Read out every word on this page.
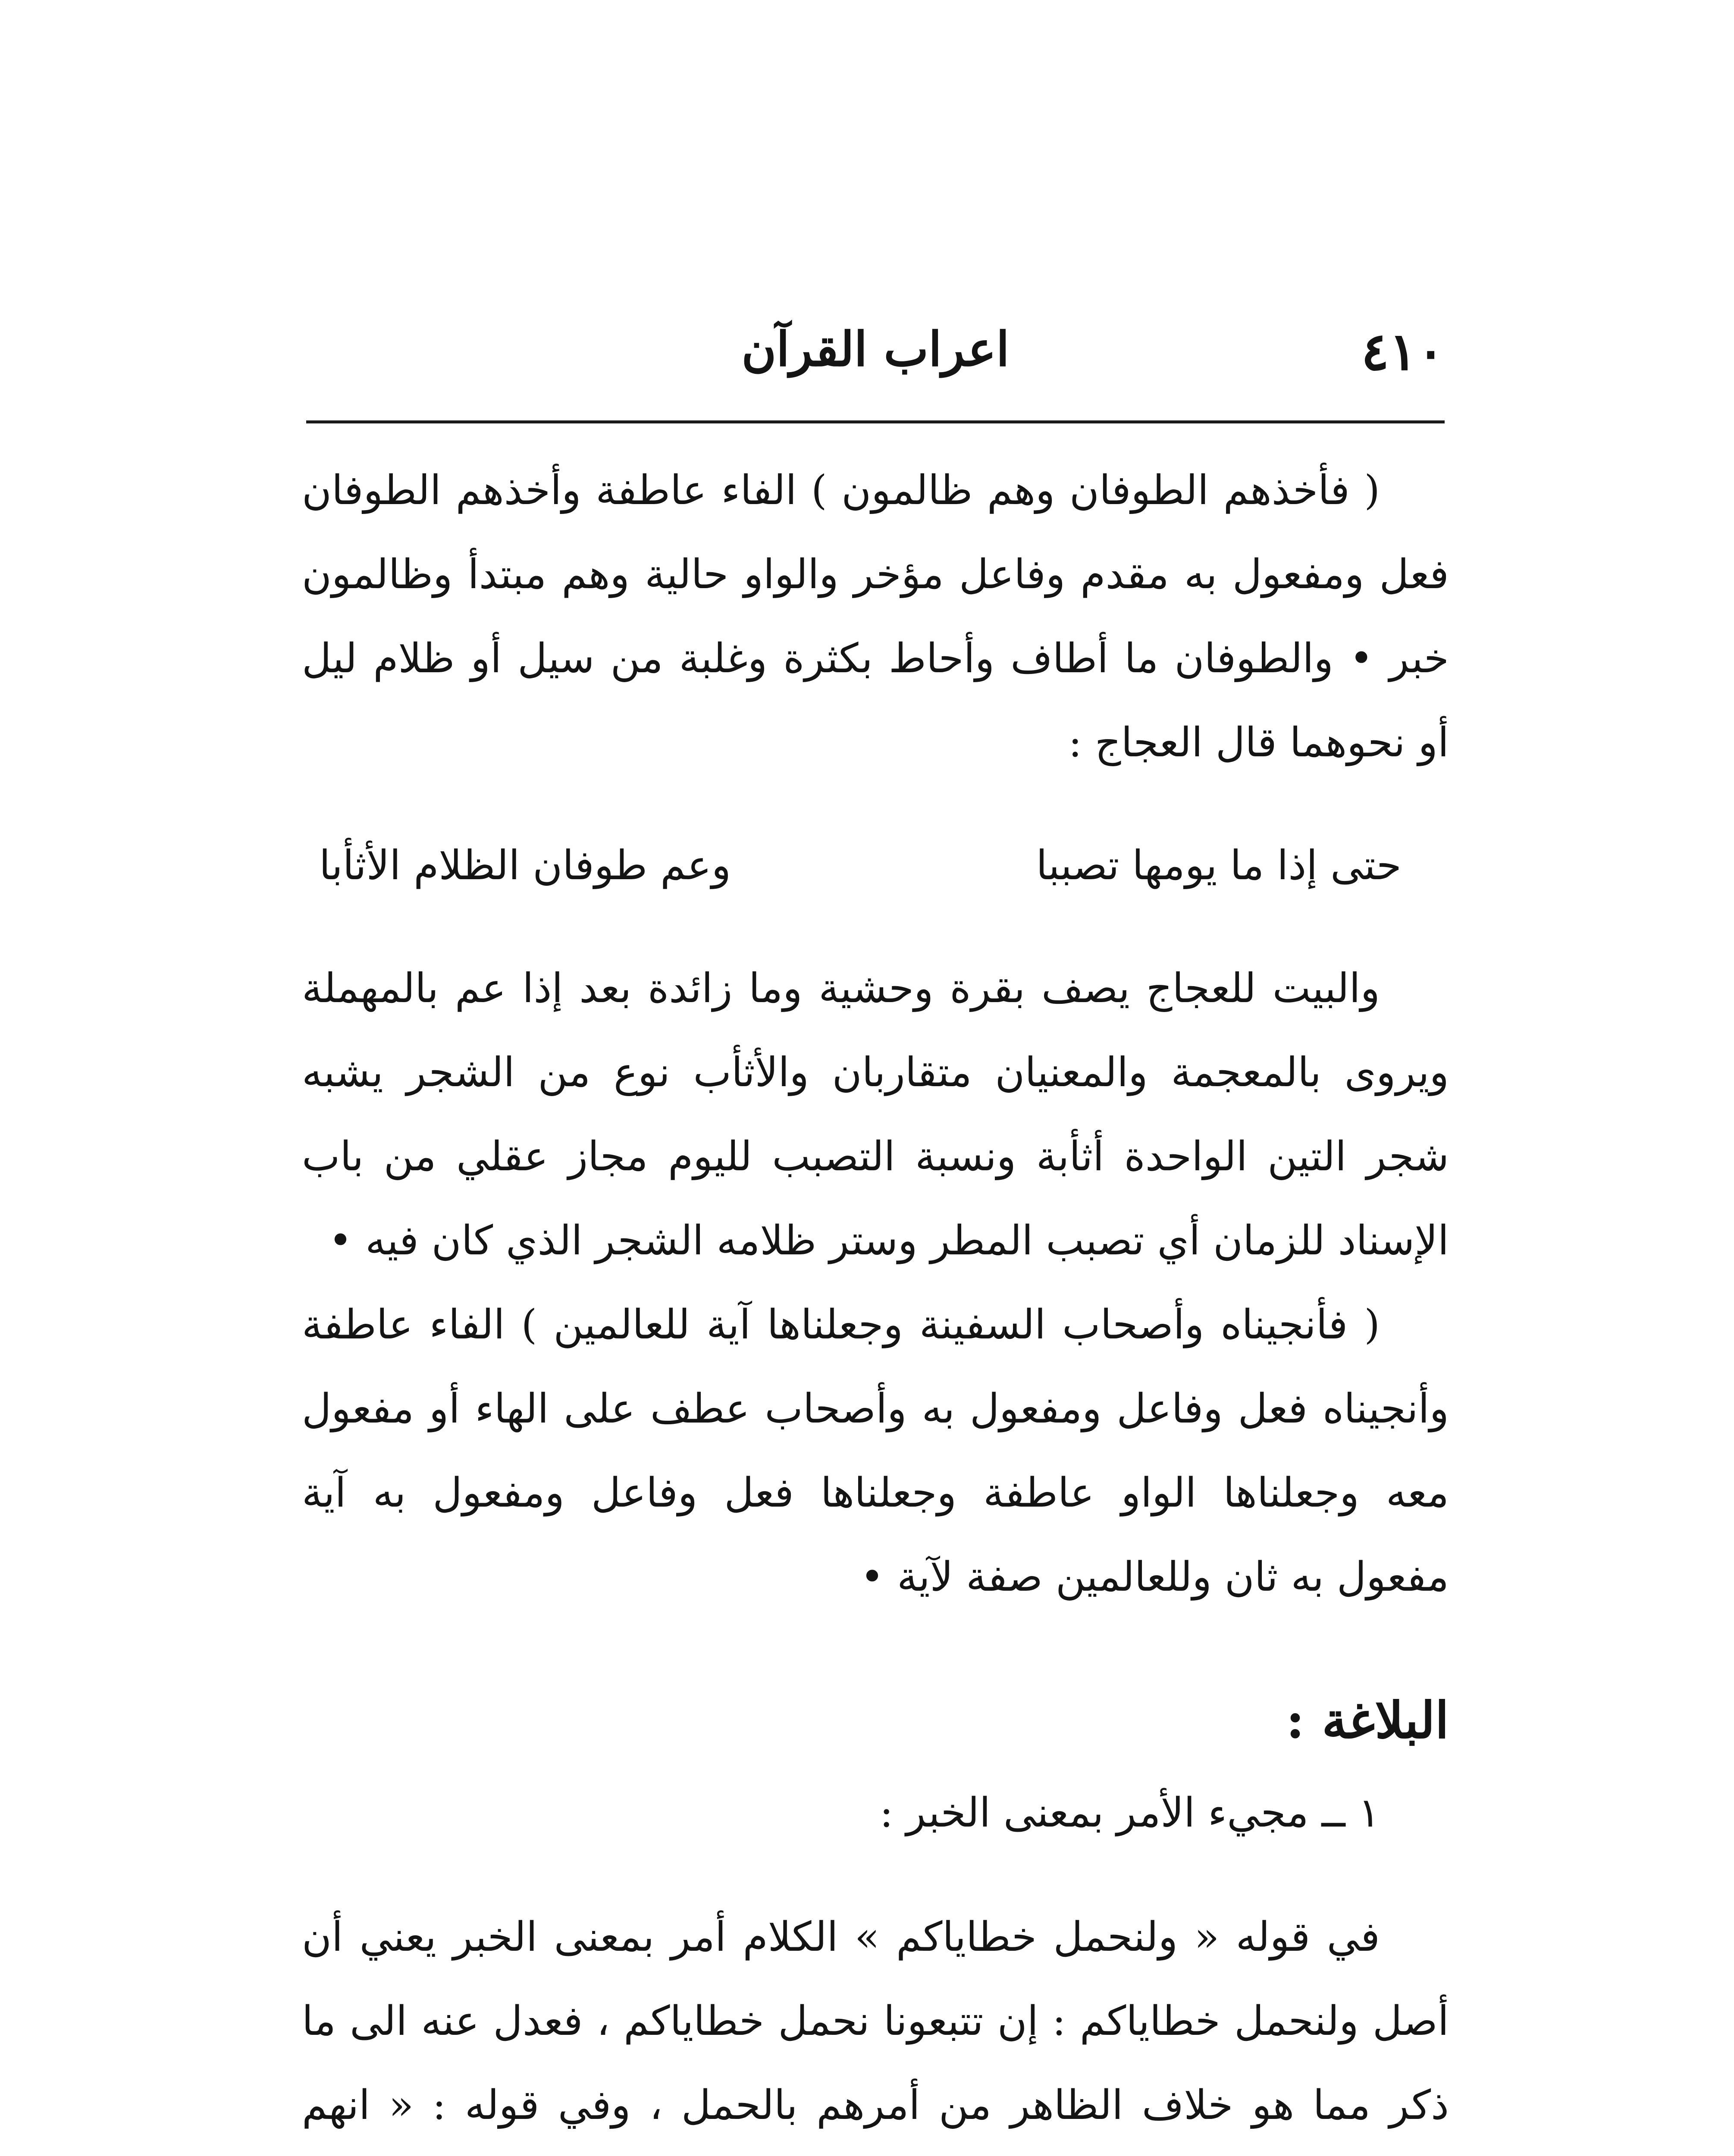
٤١٠
اعراب القرآن

( فأخذهم الطوفان وهم ظالمون ) الفاء عاطفة وأخذهم الطوفان فعل ومفعول به مقدم وفاعل مؤخر والواو حالية وهم مبتدأ وظالمون خبر • والطوفان ما أطاف وأحاط بكثرة وغلبة من سيل أو ظلام ليل أو نحوهما قال العجاج :

حتى إذا ما يومها تصببا
وعم طوفان الظلام الأثأبا

والبيت للعجاج يصف بقرة وحشية وما زائدة بعد إذا عم بالمهملة ويروى بالمعجمة والمعنيان متقاربان والأثأب نوع من الشجر يشبه شجر التين الواحدة أثأبة ونسبة التصبب لليوم مجاز عقلي من باب الإسناد للزمان أي تصبب المطر وستر ظلامه الشجر الذي كان فيه •

( فأنجيناه وأصحاب السفينة وجعلناها آية للعالمين ) الفاء عاطفة وأنجيناه فعل وفاعل ومفعول به وأصحاب عطف على الهاء أو مفعول معه وجعلناها الواو عاطفة وجعلناها فعل وفاعل ومفعول به آية مفعول به ثان وللعالمين صفة لآية •

البلاغة :

١ ــ مجيء الأمر بمعنى الخبر :

في قوله « ولنحمل خطاياكم » الكلام أمر بمعنى الخبر يعني أن أصل ولنحمل خطاياكم : إن تتبعونا نحمل خطاياكم ، فعدل عنه الى ما ذكر مما هو خلاف الظاهر من أمرهم بالحمل ، وفي قوله : « انهم
